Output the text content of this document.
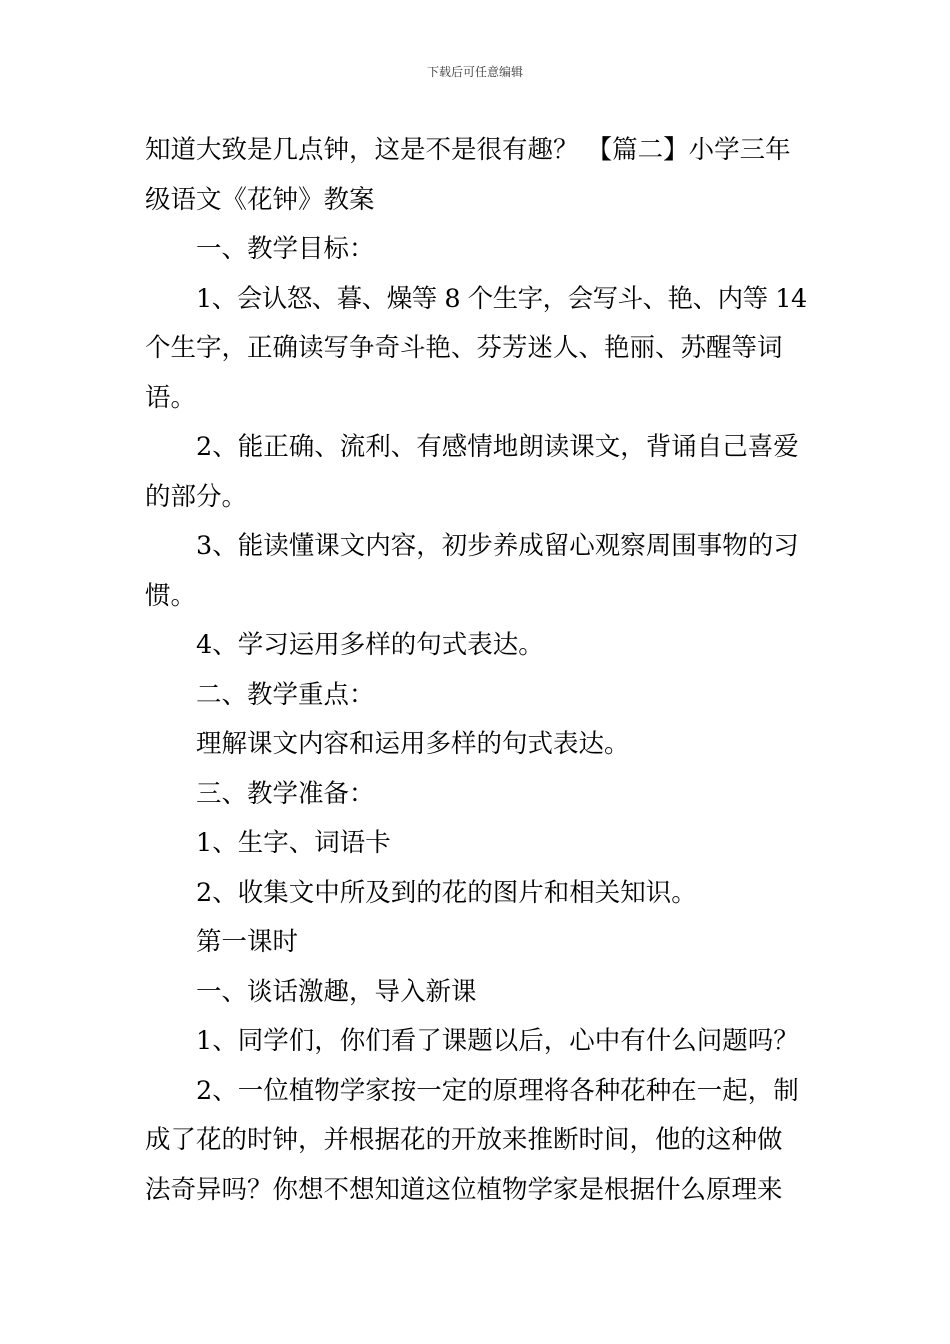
下载后可任意编辑
知道大致是几点钟，这是不是很有趣？ 【篇二】小学三年
级语文《花钟》教案
一、教学目标：
1、会认怒、暮、燥等 8 个生字，会写斗、艳、内等 14
个生字，正确读写争奇斗艳、芬芳迷人、艳丽、苏醒等词
语。
2、能正确、流利、有感情地朗读课文，背诵自己喜爱
的部分。
3、能读懂课文内容，初步养成留心观察周围事物的习
惯。
4、学习运用多样的句式表达。
二、教学重点：
理解课文内容和运用多样的句式表达。
三、教学准备：
1、生字、词语卡
2、收集文中所及到的花的图片和相关知识。
第一课时
一、谈话激趣，导入新课
1、同学们，你们看了课题以后，心中有什么问题吗？
2、一位植物学家按一定的原理将各种花种在一起，制
成了花的时钟，并根据花的开放来推断时间，他的这种做
法奇异吗？你想不想知道这位植物学家是根据什么原理来
